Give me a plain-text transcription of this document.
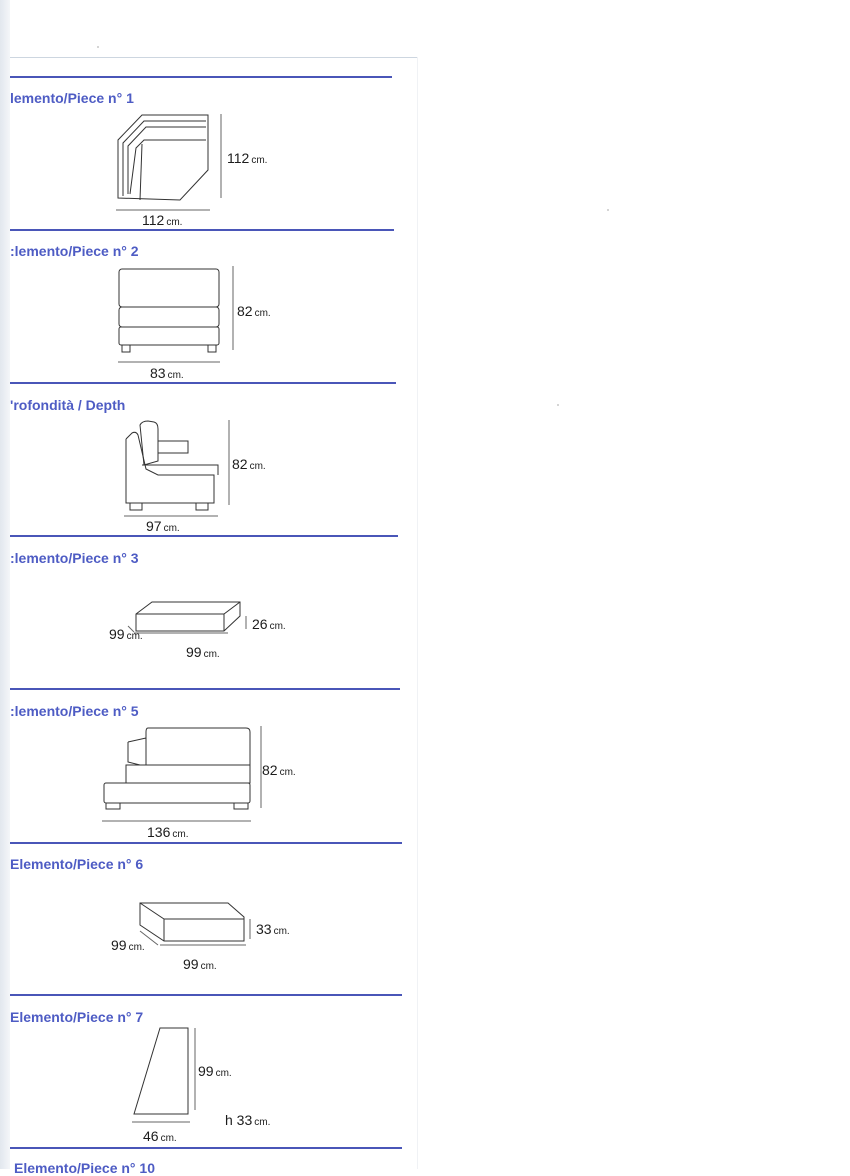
lemento/Piece n° 1
112 cm.
112 cm.
:lemento/Piece n° 2
82 cm.
83 cm.
'rofondità / Depth
82 cm.
97 cm.
:lemento/Piece n° 3
26 cm.
99 cm.
99 cm.
:lemento/Piece n° 5
82 cm.
136 cm.
Elemento/Piece n° 6
33 cm.
99 cm.
99 cm.
Elemento/Piece n° 7
99 cm.
h 33 cm.
46 cm.
Elemento/Piece n° 10
